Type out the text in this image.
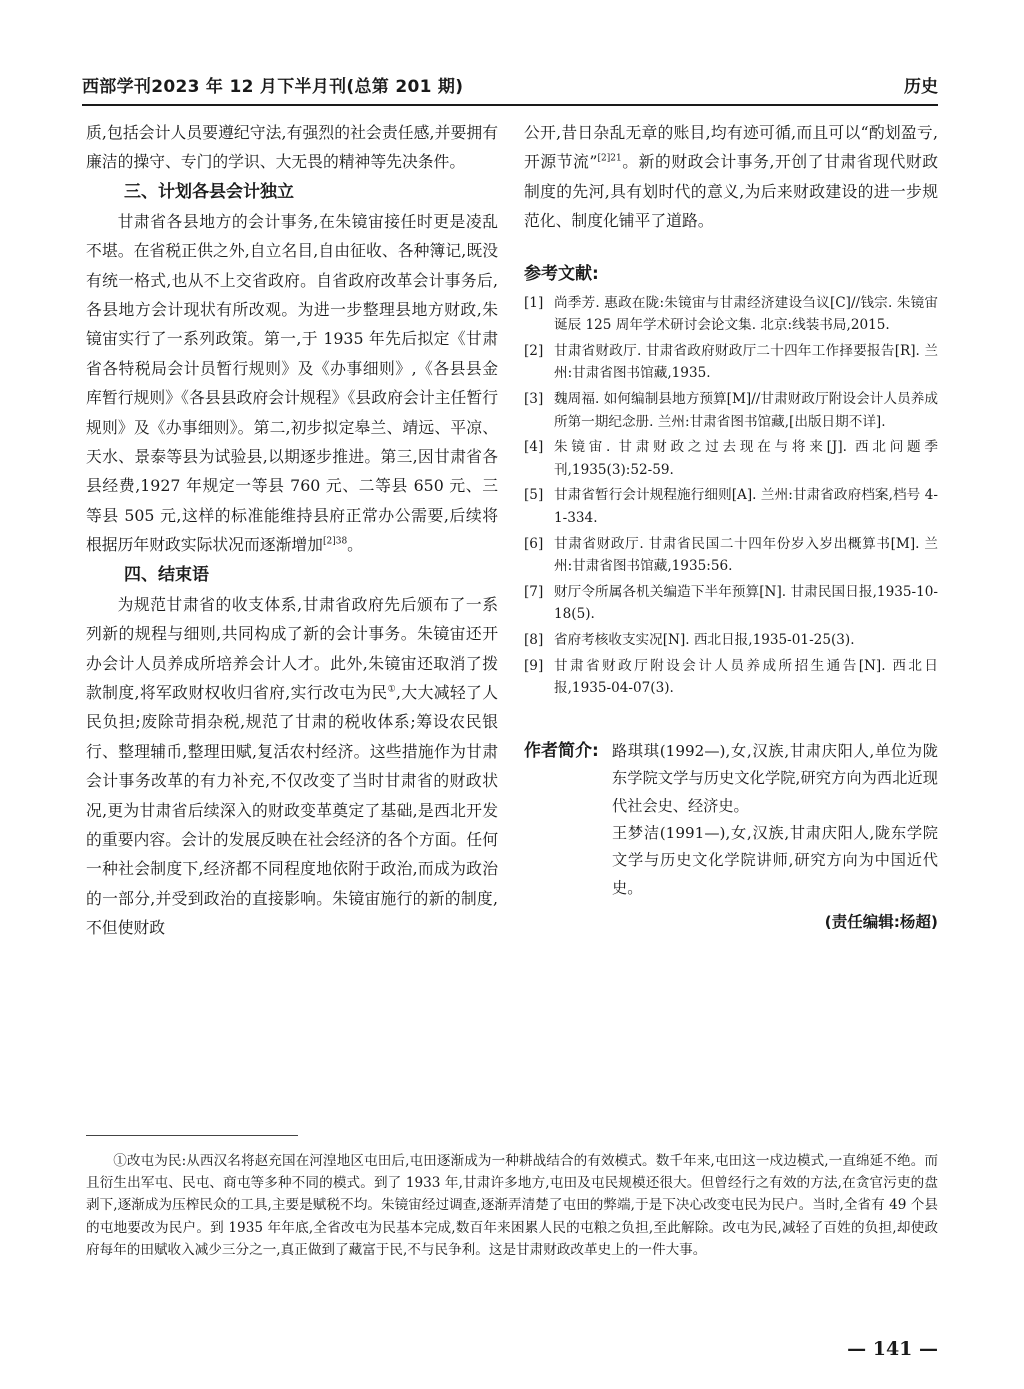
西部学刊2023 年 12 月下半月刊(总第 201 期)	历史

质,包括会计人员要遵纪守法,有强烈的社会责任感,并要拥有廉洁的操守、专门的学识、大无畏的精神等先决条件。

三、计划各县会计独立

甘肃省各县地方的会计事务,在朱镜宙接任时更是凌乱不堪。在省税正供之外,自立名目,自由征收、各种簿记,既没有统一格式,也从不上交省政府。自省政府改革会计事务后,各县地方会计现状有所改观。为进一步整理县地方财政,朱镜宙实行了一系列政策。第一,于 1935 年先后拟定《甘肃省各特税局会计员暂行规则》及《办事细则》,《各县县金库暂行规则》《各县县政府会计规程》《县政府会计主任暂行规则》及《办事细则》。第二,初步拟定皋兰、靖远、平凉、天水、景泰等县为试验县,以期逐步推进。第三,因甘肃省各县经费,1927 年规定一等县 760 元、二等县 650 元、三等县 505 元,这样的标准能维持县府正常办公需要,后续将根据历年财政实际状况而逐渐增加$^{[2]38}$。

四、结束语

为规范甘肃省的收支体系,甘肃省政府先后颁布了一系列新的规程与细则,共同构成了新的会计事务。朱镜宙还开办会计人员养成所培养会计人才。此外,朱镜宙还取消了拨款制度,将军政财权收归省府,实行改屯为民①,大大减轻了人民负担;废除苛捐杂税,规范了甘肃的税收体系;筹设农民银行、整理辅币,整理田赋,复活农村经济。这些措施作为甘肃会计事务改革的有力补充,不仅改变了当时甘肃省的财政状况,更为甘肃省后续深入的财政变革奠定了基础,是西北开发的重要内容。会计的发展反映在社会经济的各个方面。任何一种社会制度下,经济都不同程度地依附于政治,而成为政治的一部分,并受到政治的直接影响。朱镜宙施行的新的制度,不但使财政

公开,昔日杂乱无章的账目,均有迹可循,而且可以“酌划盈亏,开源节流”$^{[2]21}$。新的财政会计事务,开创了甘肃省现代财政制度的先河,具有划时代的意义,为后来财政建设的进一步规范化、制度化铺平了道路。

参考文献:
[1] 尚季芳. 惠政在陇:朱镜宙与甘肃经济建设刍议[C]//钱宗. 朱镜宙诞辰 125 周年学术研讨会论文集. 北京:线装书局,2015.
[2] 甘肃省财政厅. 甘肃省政府财政厅二十四年工作择要报告[R]. 兰州:甘肃省图书馆藏,1935.
[3] 魏周福. 如何编制县地方预算[M]//甘肃财政厅附设会计人员养成所第一期纪念册. 兰州:甘肃省图书馆藏,[出版日期不详].
[4] 朱镜宙. 甘肃财政之过去现在与将来[J]. 西北问题季刊,1935(3):52-59.
[5] 甘肃省暂行会计规程施行细则[A]. 兰州:甘肃省政府档案,档号 4-1-334.
[6] 甘肃省财政厅. 甘肃省民国二十四年份岁入岁出概算书[M]. 兰州:甘肃省图书馆藏,1935:56.
[7] 财厅令所属各机关编造下半年预算[N]. 甘肃民国日报,1935-10-18(5).
[8] 省府考核收支实况[N]. 西北日报,1935-01-25(3).
[9] 甘肃省财政厅附设会计人员养成所招生通告[N]. 西北日报,1935-04-07(3).
作者简介: 路琪琪(1992—),女,汉族,甘肃庆阳人,单位为陇东学院文学与历史文化学院,研究方向为西北近现代社会史、经济史。

王梦洁(1991—),女,汉族,甘肃庆阳人,陇东学院文学与历史文化学院讲师,研究方向为中国近代史。

(责任编辑:杨超)

①改屯为民:从西汉名将赵充国在河湟地区屯田后,屯田逐渐成为一种耕战结合的有效模式。数千年来,屯田这一戍边模式,一直绵延不绝。而且衍生出军屯、民屯、商屯等多种不同的模式。到了 1933 年,甘肃许多地方,屯田及屯民规模还很大。但曾经行之有效的方法,在贪官污吏的盘剥下,逐渐成为压榨民众的工具,主要是赋税不均。朱镜宙经过调查,逐渐弄清楚了屯田的弊端,于是下决心改变屯民为民户。当时,全省有 49 个县的屯地要改为民户。到 1935 年年底,全省改屯为民基本完成,数百年来困累人民的屯粮之负担,至此解除。改屯为民,减轻了百姓的负担,却使政府每年的田赋收入减少三分之一,真正做到了藏富于民,不与民争利。这是甘肃财政改革史上的一件大事。

— 141 —
